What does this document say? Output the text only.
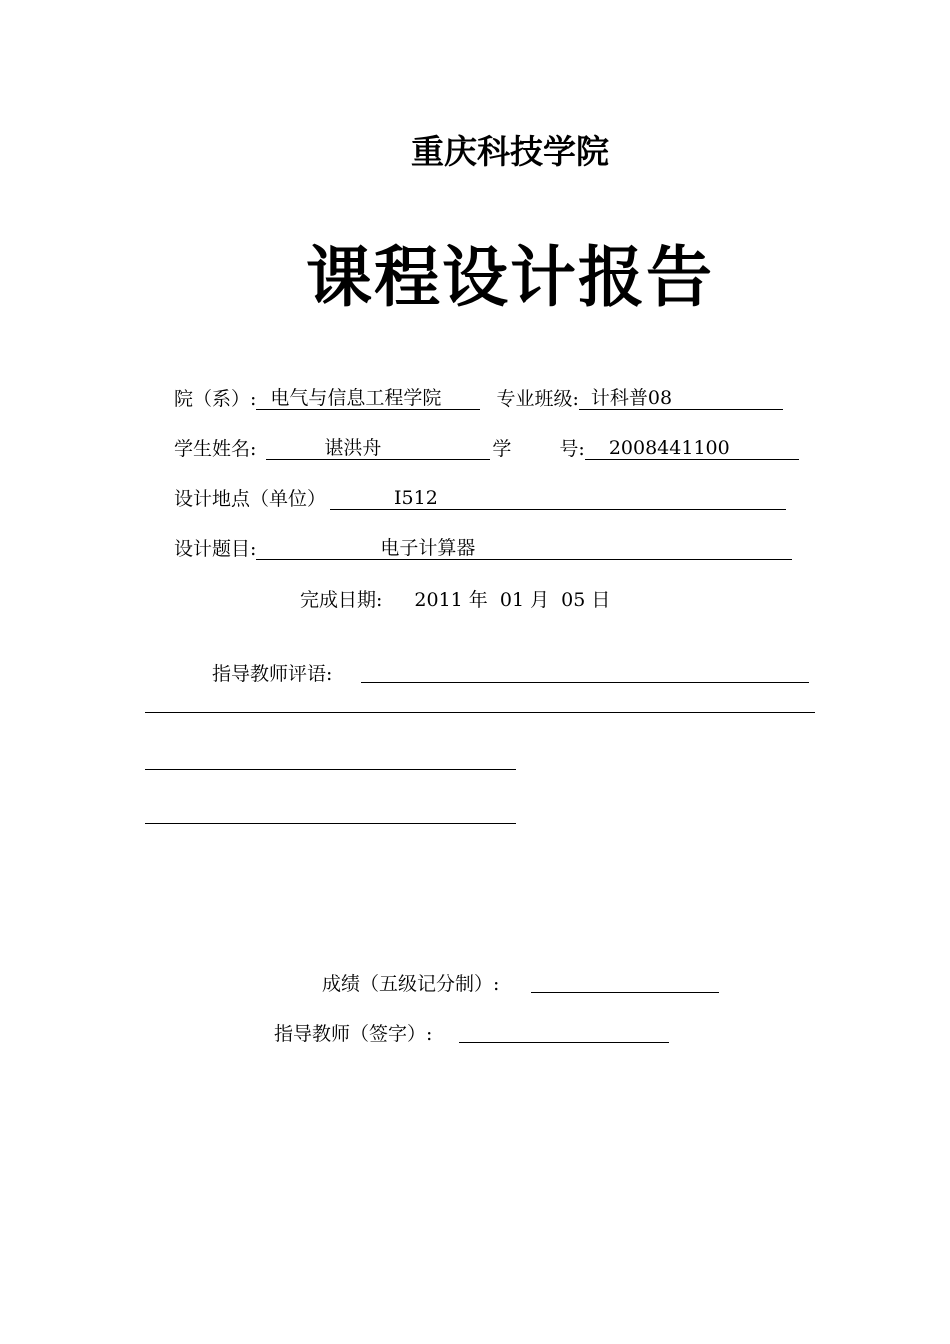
重庆科技学院
课程设计报告
院（系）: 电气与信息工程学院	专业班级: 计科普08
学生姓名:	谌洪舟	学	号: 2008441100
设计地点（单位）	I512
设计题目:	电子计算器
完成日期: 2011 年  01 月  05 日
指导教师评语:
成绩（五级记分制）:
指导教师（签字）:
